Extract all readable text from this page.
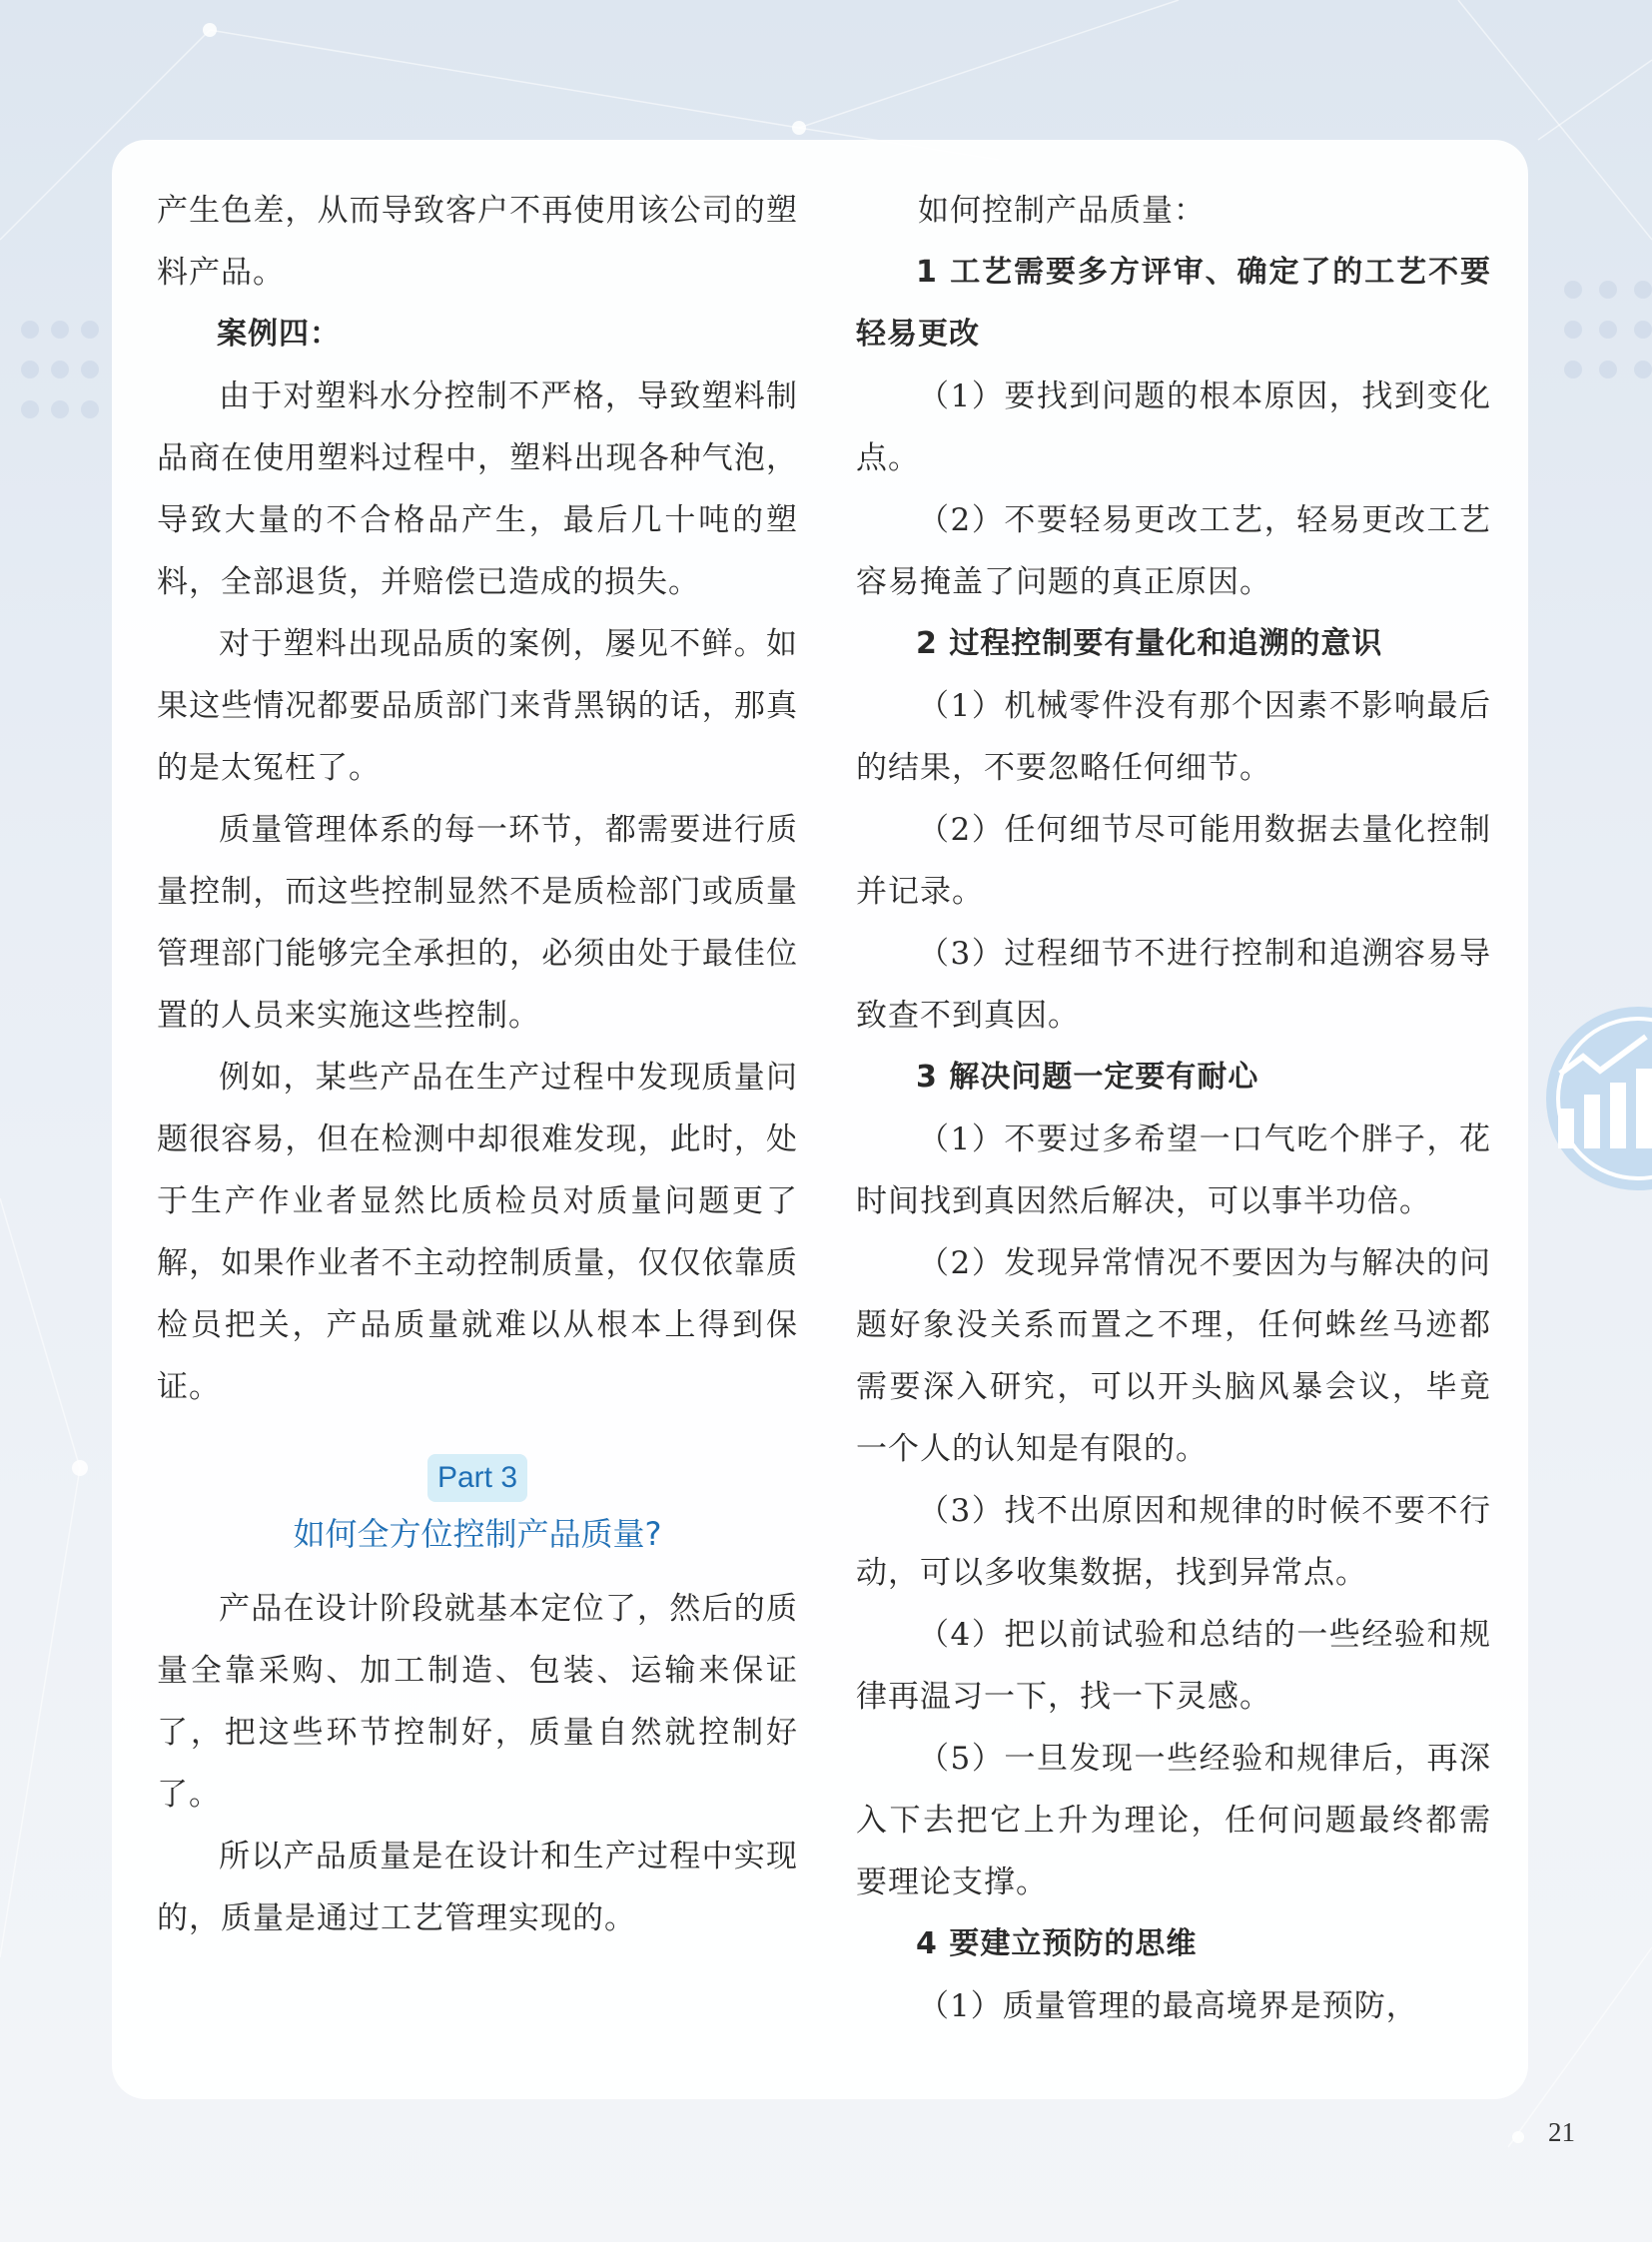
产生色差，从而导致客户不再使用该公司的塑料产品。

案例四：

由于对塑料水分控制不严格，导致塑料制品商在使用塑料过程中，塑料出现各种气泡，导致大量的不合格品产生，最后几十吨的塑料，全部退货，并赔偿已造成的损失。

对于塑料出现品质的案例，屡见不鲜。如果这些情况都要品质部门来背黑锅的话，那真的是太冤枉了。

质量管理体系的每一环节，都需要进行质量控制，而这些控制显然不是质检部门或质量管理部门能够完全承担的，必须由处于最佳位置的人员来实施这些控制。

例如，某些产品在生产过程中发现质量问题很容易，但在检测中却很难发现，此时，处于生产作业者显然比质检员对质量问题更了解，如果作业者不主动控制质量，仅仅依靠质检员把关，产品质量就难以从根本上得到保证。

Part 3

如何全方位控制产品质量?

产品在设计阶段就基本定位了，然后的质量全靠采购、加工制造、包装、运输来保证了，把这些环节控制好，质量自然就控制好了。

所以产品质量是在设计和生产过程中实现的，质量是通过工艺管理实现的。

如何控制产品质量：

1 工艺需要多方评审、确定了的工艺不要轻易更改

（1）要找到问题的根本原因，找到变化点。

（2）不要轻易更改工艺，轻易更改工艺容易掩盖了问题的真正原因。

2 过程控制要有量化和追溯的意识

（1）机械零件没有那个因素不影响最后的结果，不要忽略任何细节。

（2）任何细节尽可能用数据去量化控制并记录。

（3）过程细节不进行控制和追溯容易导致查不到真因。

3 解决问题一定要有耐心

（1）不要过多希望一口气吃个胖子，花时间找到真因然后解决，可以事半功倍。

（2）发现异常情况不要因为与解决的问题好象没关系而置之不理，任何蛛丝马迹都需要深入研究，可以开头脑风暴会议，毕竟一个人的认知是有限的。

（3）找不出原因和规律的时候不要不行动，可以多收集数据，找到异常点。

（4）把以前试验和总结的一些经验和规律再温习一下，找一下灵感。

（5）一旦发现一些经验和规律后，再深入下去把它上升为理论，任何问题最终都需要理论支撑。

4 要建立预防的思维

（1）质量管理的最高境界是预防，

21
